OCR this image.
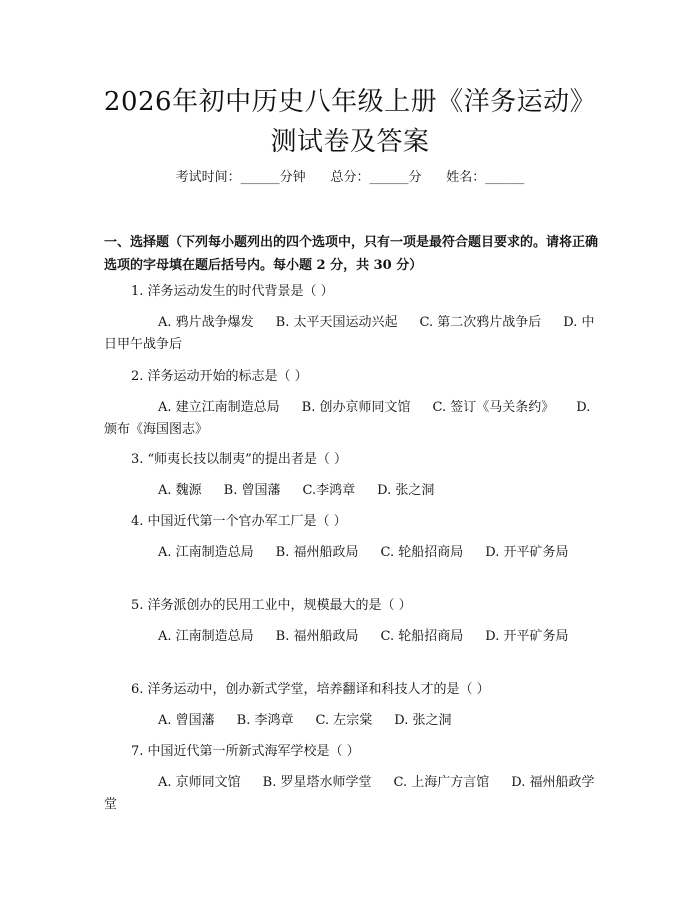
2026年初中历史八年级上册《洋务运动》测试卷及答案
考试时间：______分钟 总分：______分 姓名：______
一、选择题（下列每小题列出的四个选项中，只有一项是最符合题目要求的。请将正确选项的字母填在题后括号内。每小题 2 分，共 30 分）
1. 洋务运动发生的时代背景是（ ）
A. 鸦片战争爆发 B. 太平天国运动兴起 C. 第二次鸦片战争后 D. 中日甲午战争后
2. 洋务运动开始的标志是（ ）
A. 建立江南制造总局 B. 创办京师同文馆 C. 签订《马关条约》 D. 颁布《海国图志》
3. “师夷长技以制夷”的提出者是（ ）
A. 魏源 B. 曾国藩 C.李鸿章 D. 张之洞
4. 中国近代第一个官办军工厂是（ ）
A. 江南制造总局 B. 福州船政局 C. 轮船招商局 D. 开平矿务局
5. 洋务派创办的民用工业中，规模最大的是（ ）
A. 江南制造总局 B. 福州船政局 C. 轮船招商局 D. 开平矿务局
6. 洋务运动中，创办新式学堂，培养翻译和科技人才的是（ ）
A. 曾国藩 B. 李鸿章 C. 左宗棠 D. 张之洞
7. 中国近代第一所新式海军学校是（ ）
A. 京师同文馆 B. 罗星塔水师学堂 C. 上海广方言馆 D. 福州船政学堂
